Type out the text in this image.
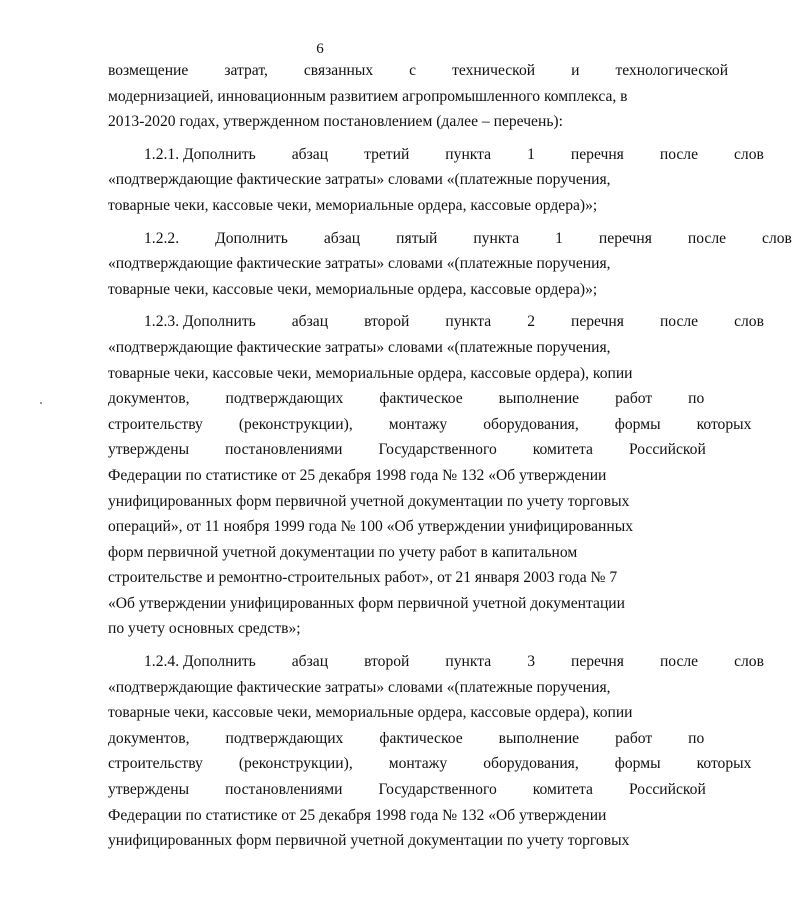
6
возмещение	затрат,	связанных	с	технической	и	технологической
модернизацией, инновационным развитием агропромышленного комплекса, в
2013-2020 годах, утвержденном постановлением (далее – перечень):
1.2.1. Дополнить	абзац	третий	пункта	1	перечня	после	слов
«подтверждающие фактические затраты» словами «(платежные поручения,
товарные чеки, кассовые чеки, мемориальные ордера, кассовые ордера)»;
1.2.2.	Дополнить	абзац	пятый	пункта	1	перечня	после	слов
«подтверждающие фактические затраты» словами «(платежные поручения,
товарные чеки, кассовые чеки, мемориальные ордера, кассовые ордера)»;
1.2.3. Дополнить	абзац	второй	пункта	2	перечня	после	слов
«подтверждающие фактические затраты» словами «(платежные поручения,
товарные чеки, кассовые чеки, мемориальные ордера, кассовые ордера), копии
документов,	подтверждающих	фактическое	выполнение	работ	по
строительству	(реконструкции),	монтажу	оборудования,	формы	которых
утверждены	постановлениями	Государственного	комитета	Российской
Федерации по статистике от 25 декабря 1998 года № 132 «Об утверждении
унифицированных форм первичной учетной документации по учету торговых
операций», от 11 ноября 1999 года № 100 «Об утверждении унифицированных
форм первичной учетной документации по учету работ в капитальном
строительстве и ремонтно-строительных работ», от 21 января 2003 года № 7
«Об утверждении унифицированных форм первичной учетной документации
по учету основных средств»;
1.2.4. Дополнить	абзац	второй	пункта	3	перечня	после	слов
«подтверждающие фактические затраты» словами «(платежные поручения,
товарные чеки, кассовые чеки, мемориальные ордера, кассовые ордера), копии
документов,	подтверждающих	фактическое	выполнение	работ	по
строительству	(реконструкции),	монтажу	оборудования,	формы	которых
утверждены	постановлениями	Государственного	комитета	Российской
Федерации по статистике от 25 декабря 1998 года № 132 «Об утверждении
унифицированных форм первичной учетной документации по учету торговых
